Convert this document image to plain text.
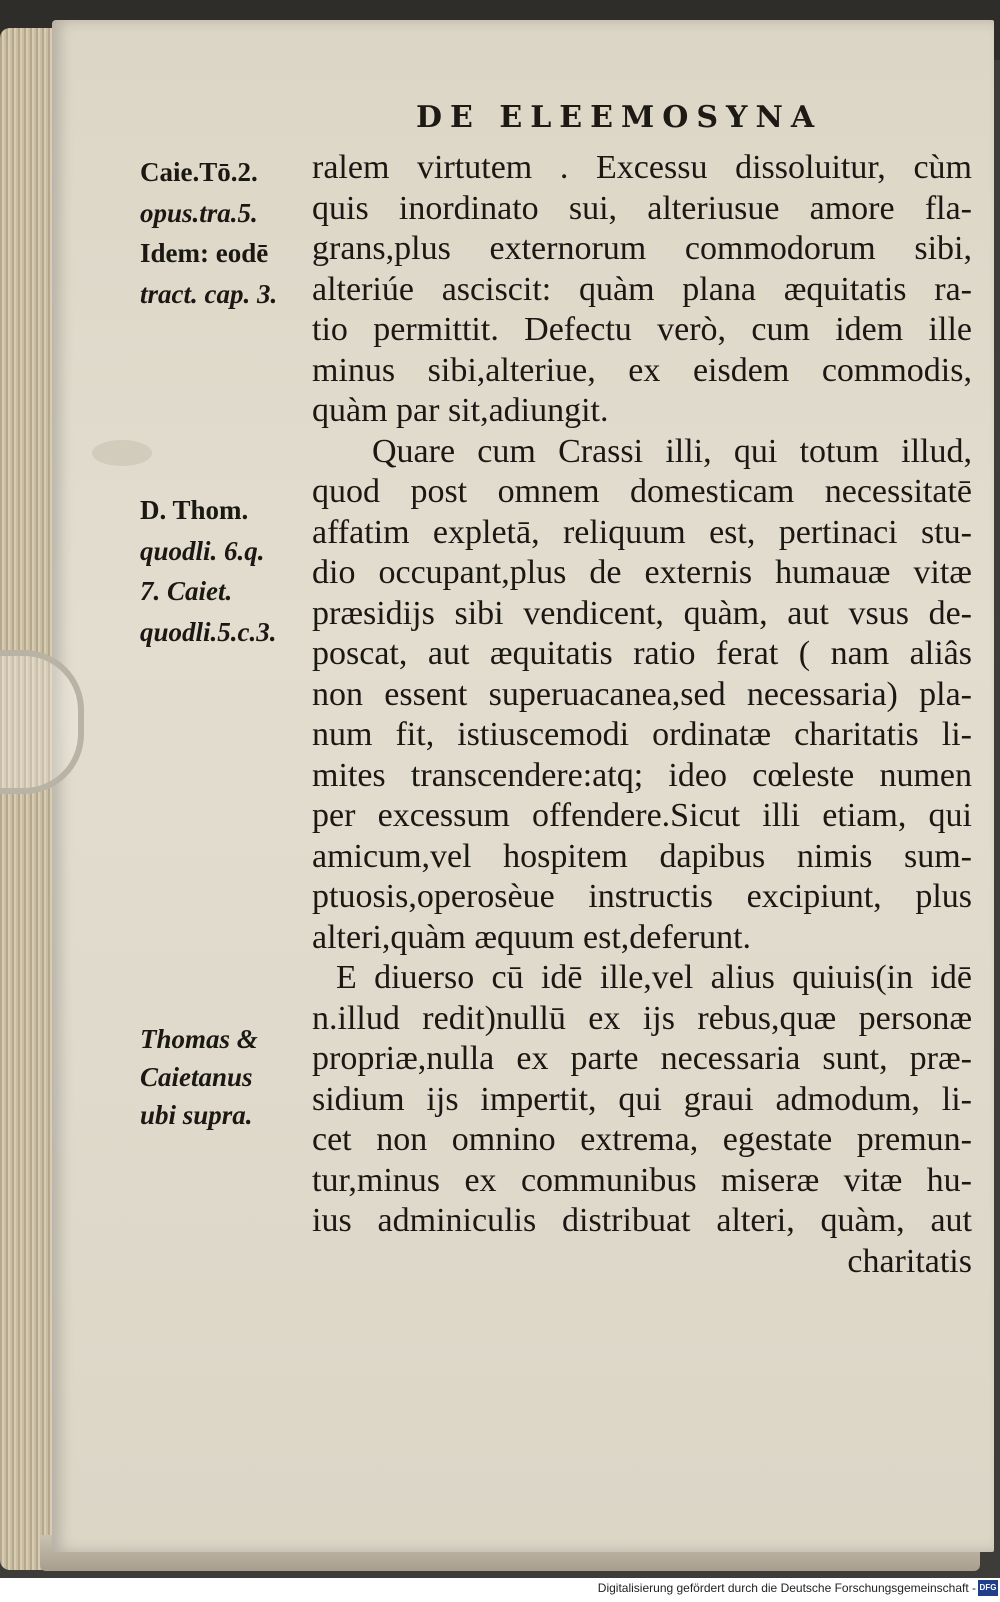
DE ELEEMOSYNA
Caie.Tō.2.
opus.tra.5.
Idem: eodē
tract. cap. 3.
D. Thom.
quodli. 6.q.
7. Caiet.
quodli.5.c.3.
Thomas &
Caietanus
ubi supra.
ralem virtutem . Excessu dissoluitur, cùm
quis inordinato sui, alteriusue amore fla-
grans,plus externorum commodorum sibi,
alteriúe asciscit: quàm plana æquitatis ra-
tio permittit. Defectu verò, cum idem ille
minus sibi,alteriue, ex eisdem commodis,
quàm par sit,adiungit.
Quare cum Crassi illi, qui totum illud,
quod post omnem domesticam necessitatē
affatim expletā, reliquum est, pertinaci stu-
dio occupant,plus de externis humauæ vitæ
præsidijs sibi vendicent, quàm, aut vsus de-
poscat, aut æquitatis ratio ferat ( nam aliâs
non essent superuacanea,sed necessaria) pla-
num fit, istiuscemodi ordinatæ charitatis li-
mites transcendere:atq; ideo cœleste numen
per excessum offendere.Sicut illi etiam, qui
amicum,vel hospitem dapibus nimis sum-
ptuosis,operosèue instructis excipiunt, plus
alteri,quàm æquum est,deferunt.
E diuerso cū idē ille,vel alius quiuis(in idē
n.illud redit)nullū ex ijs rebus,quæ personæ
propriæ,nulla ex parte necessaria sunt, præ-
sidium ijs impertit, qui graui admodum, li-
cet non omnino extrema, egestate premun-
tur,minus ex communibus miseræ vitæ hu-
ius adminiculis distribuat alteri, quàm, aut
charitatis
Digitalisierung gefördert durch die Deutsche Forschungsgemeinschaft - DFG
